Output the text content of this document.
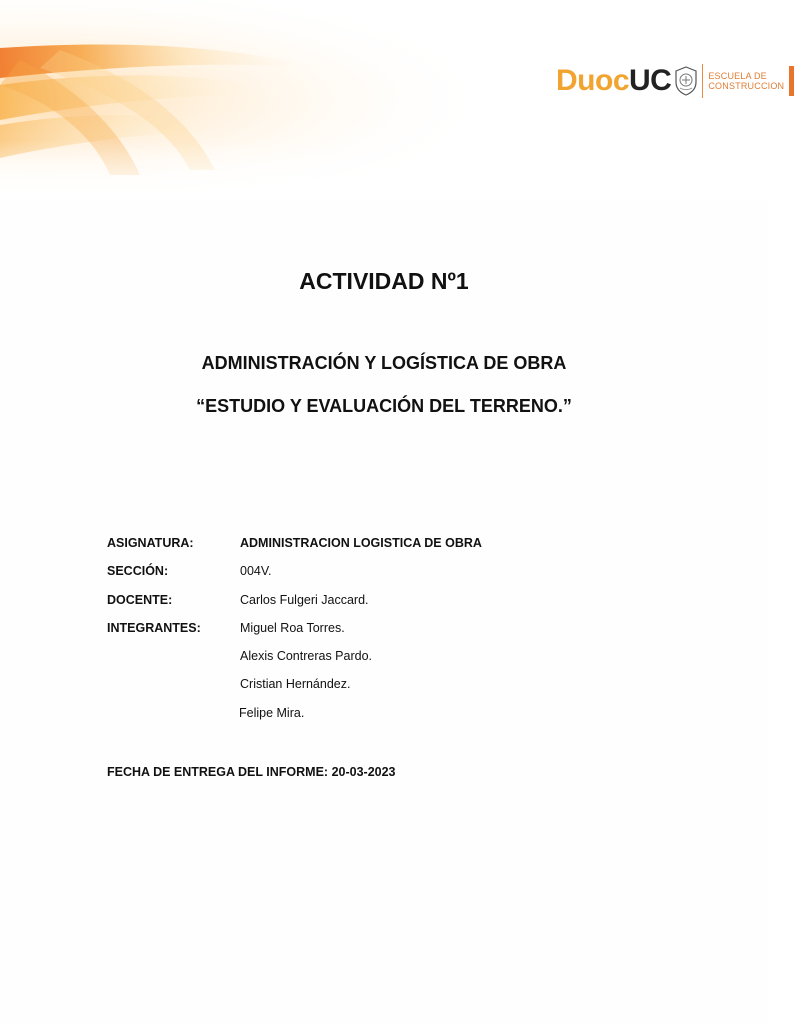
Duoc UC	ESCUELA DE
CONSTRUCCION
ACTIVIDAD Nº1
ADMINISTRACIÓN Y LOGÍSTICA DE OBRA
“ESTUDIO Y EVALUACIÓN DEL TERRENO.”
ASIGNATURA:	ADMINISTRACION LOGISTICA DE OBRA
SECCIÓN:	004V.
DOCENTE:	Carlos Fulgeri Jaccard.
INTEGRANTES:	Miguel Roa Torres.
Alexis Contreras Pardo.
Cristian Hernández.
Felipe Mira.
FECHA DE ENTREGA DEL INFORME: 20-03-2023
